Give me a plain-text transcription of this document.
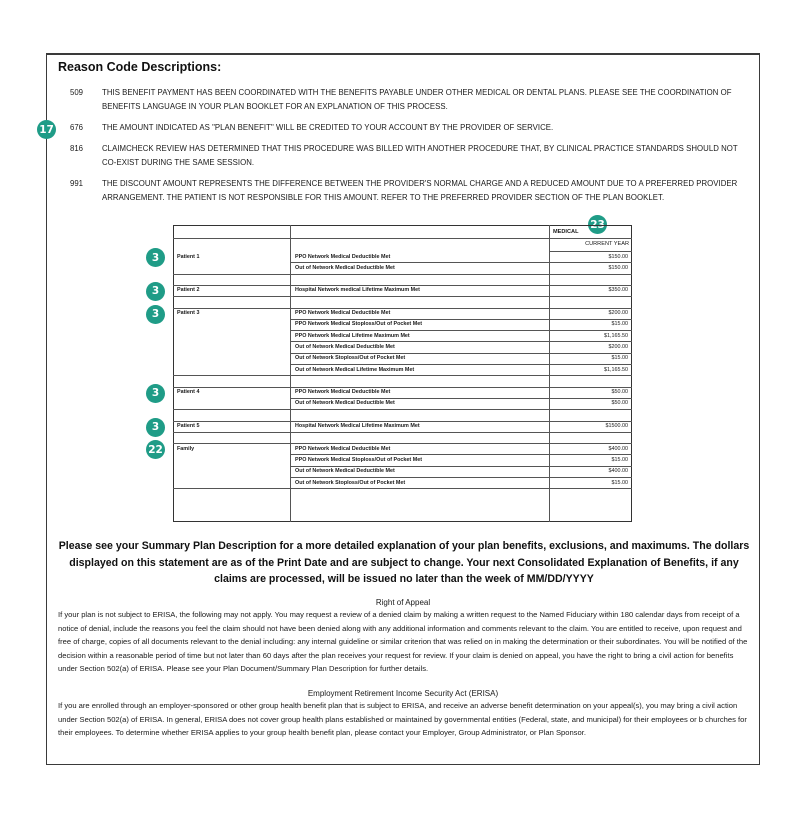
Reason Code Descriptions:
509	THIS BENEFIT PAYMENT HAS BEEN COORDINATED WITH THE BENEFITS PAYABLE UNDER OTHER MEDICAL OR DENTAL PLANS. PLEASE SEE THE COORDINATION OF BENEFITS LANGUAGE IN YOUR PLAN BOOKLET FOR AN EXPLANATION OF THIS PROCESS.
676	THE AMOUNT INDICATED AS "PLAN BENEFIT" WILL BE CREDITED TO YOUR ACCOUNT BY THE PROVIDER OF SERVICE.
816	CLAIMCHECK REVIEW HAS DETERMINED THAT THIS PROCEDURE WAS BILLED WITH ANOTHER PROCEDURE THAT, BY CLINICAL PRACTICE STANDARDS SHOULD NOT CO-EXIST DURING THE SAME SESSION.
991	THE DISCOUNT AMOUNT REPRESENTS THE DIFFERENCE BETWEEN THE PROVIDER'S NORMAL CHARGE AND A REDUCED AMOUNT DUE TO A PREFERRED PROVIDER ARRANGEMENT. THE PATIENT IS NOT RESPONSIBLE FOR THIS AMOUNT. REFER TO THE PREFERRED PROVIDER SECTION OF THE PLAN BOOKLET.
17
23
MEDICAL
CURRENT YEAR
Patient 1	PPO Network Medical Deductible Met	$150.00
Out of Network Medical Deductible Met	$150.00
Patient 2	Hospital Network medical Lifetime Maximum Met	$350.00
Patient 3	PPO Network Medical Deductible Met	$200.00
PPO Network Medical Stoploss/Out of Pocket Met	$15.00
PPO Network Medical Lifetime Maximum Met	$1,165.50
Out of Network Medical Deductible Met	$200.00
Out of Network Stoploss/Out of Pocket Met	$15.00
Out of Network Medical Lifetime Maximum Met	$1,165.50
Patient 4	PPO Network Medical Deductible Met	$50.00
Out of Network Medical Deductible Met	$50.00
Patient 5	Hospital Network Medical Lifetime Maximum Met	$1500.00
Family	PPO Network Medical Deductible Met	$400.00
PPO Network Medical Stoploss/Out of Pocket Met	$15.00
Out of Network Medical Deductible Met	$400.00
Out of Network Stoploss/Out of Pocket Met	$15.00
3
3
3
3
3
22
Please see your Summary Plan Description for a more detailed explanation of your plan benefits, exclusions, and maximums. The dollars displayed on this statement are as of the Print Date and are subject to change. Your next Consolidated Explanation of Benefits, if any claims are processed, will be issued no later than the week of MM/DD/YYYY
Right of Appeal
If your plan is not subject to ERISA, the following may not apply. You may request a review of a denied claim by making a written request to the Named Fiduciary within 180 calendar days from receipt of a notice of denial, include the reasons you feel the claim should not have been denied along with any additional information and comments relevant to the claim. You are entitled to receive, upon request and free of charge, copies of all documents relevant to the denial including: any internal guideline or similar criterion that was relied on in making the determination or their subordinates. You will be notified of the decision within a reasonable period of time but not later than 60 days after the plan receives your request for review. If your claim is denied on appeal, you have the right to bring a civil action for benefits under Section 502(a) of ERISA. Please see your Plan Document/Summary Plan Description for further details.
Employment Retirement Income Security Act (ERISA)
If you are enrolled through an employer-sponsored or other group health benefit plan that is subject to ERISA, and receive an adverse benefit determination on your appeal(s), you may bring a civil action under Section 502(a) of ERISA. In general, ERISA does not cover group health plans established or maintained by governmental entities (Federal, state, and municipal) for their employees or b churches for their employees. To determine whether ERISA applies to your group health benefit plan, please contact your Employer, Group Administrator, or Plan Sponsor.
